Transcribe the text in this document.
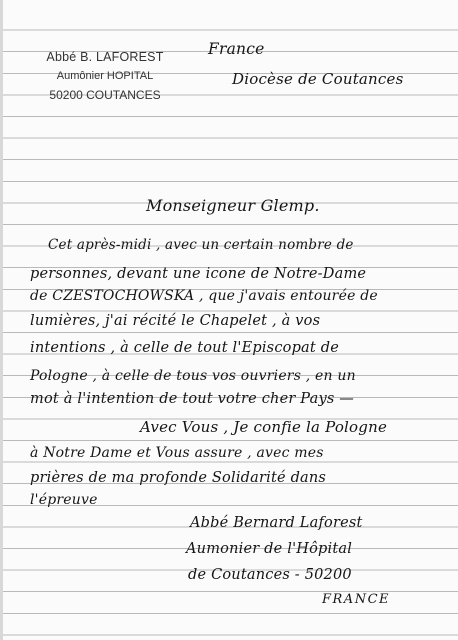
Abbé B. LAFOREST
Aumônier HOPITAL
50200 COUTANCES
France
Diocèse de Coutances
Monseigneur Glemp.
Cet après-midi , avec un certain nombre de
personnes, devant une icone de Notre-Dame
de CZESTOCHOWSKA , que j'avais entourée de
lumières, j'ai récité le Chapelet , à vos
intentions , à celle de tout l'Episcopat de
Pologne , à celle de tous vos ouvriers , en un
mot à l'intention de tout votre cher Pays —
Avec Vous , Je confie la Pologne
à Notre Dame et Vous assure , avec mes
prières de ma profonde Solidarité dans
l'épreuve
Abbé Bernard Laforest
Aumonier de l'Hôpital
de Coutances - 50200
FRANCE
